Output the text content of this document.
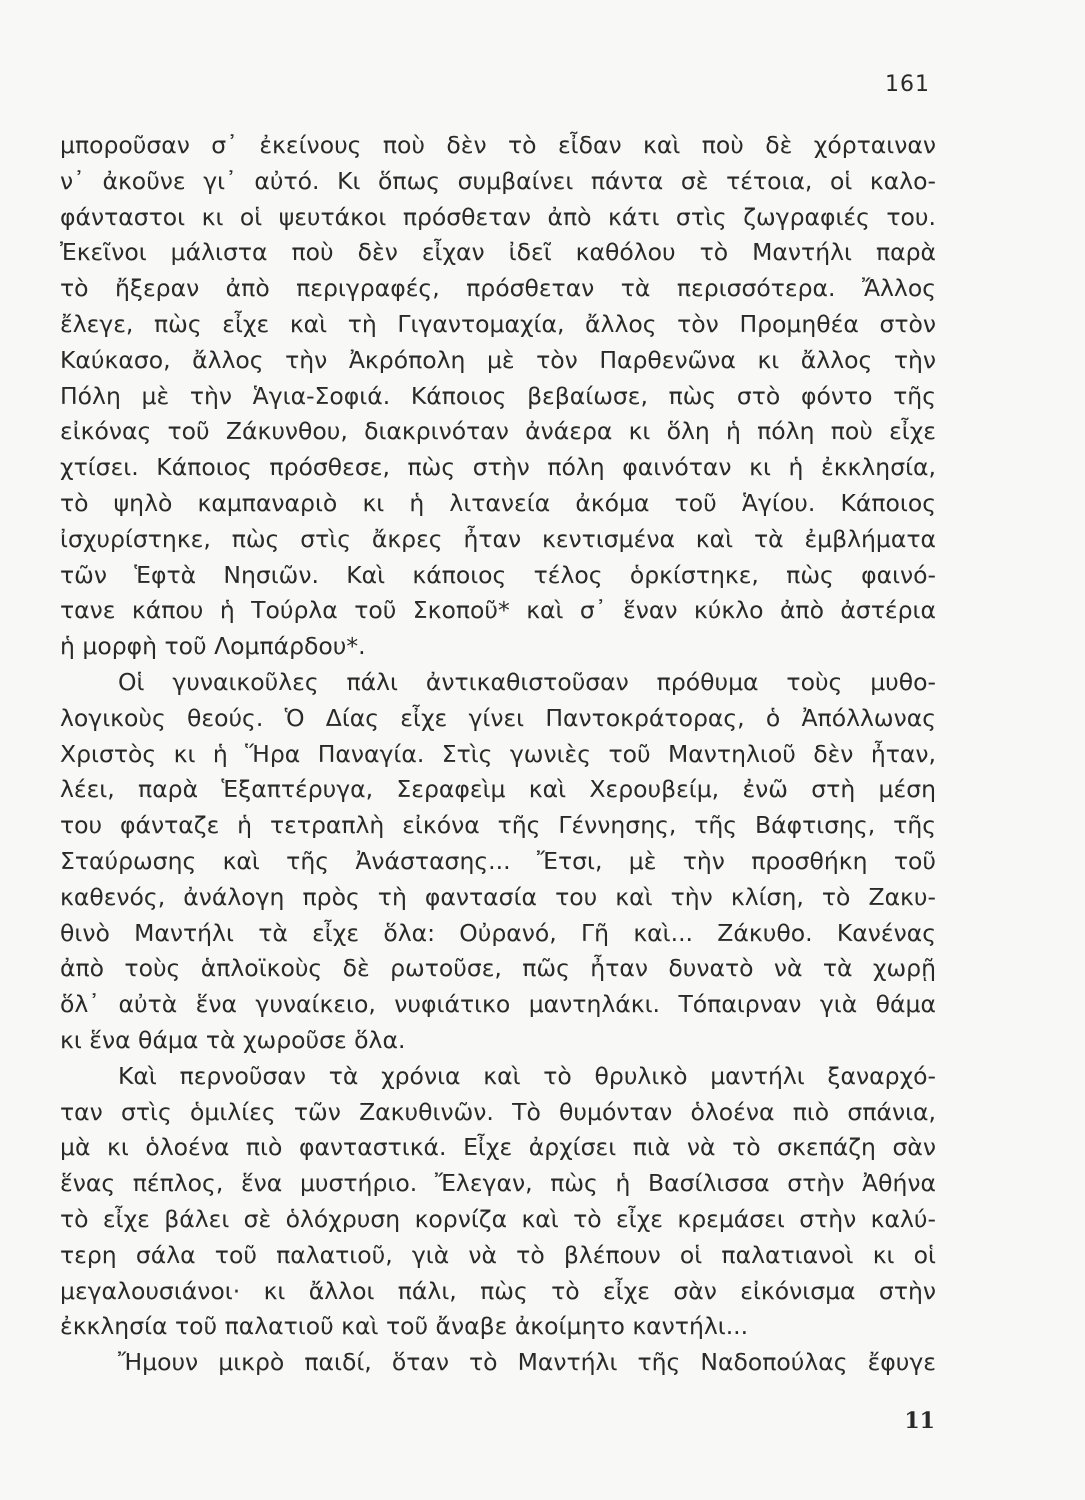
161
μποροῦσαν σ᾽ ἐκείνους ποὺ δὲν τὸ εἶδαν καὶ ποὺ δὲ χόρταιναν
ν᾽ ἀκοῦνε γι᾽ αὐτό. Κι ὅπως συμβαίνει πάντα σὲ τέτοια, οἱ καλο-
φάνταστοι κι οἱ ψευτάκοι πρόσθεταν ἀπὸ κάτι στὶς ζωγραφιές του.
Ἐκεῖνοι μάλιστα ποὺ δὲν εἶχαν ἰδεῖ καθόλου τὸ Μαντήλι παρὰ
τὸ ἤξεραν ἀπὸ περιγραφές, πρόσθεταν τὰ περισσότερα. Ἄλλος
ἔλεγε, πὼς εἶχε καὶ τὴ Γιγαντομαχία, ἄλλος τὸν Προμηθέα στὸν
Καύκασο, ἄλλος τὴν Ἀκρόπολη μὲ τὸν Παρθενῶνα κι ἄλλος τὴν
Πόλη μὲ τὴν Ἁγια-Σοφιά. Κάποιος βεβαίωσε, πὼς στὸ φόντο τῆς
εἰκόνας τοῦ Ζάκυνθου, διακρινόταν ἀνάερα κι ὅλη ἡ πόλη ποὺ εἶχε
χτίσει. Κάποιος πρόσθεσε, πὼς στὴν πόλη φαινόταν κι ἡ ἐκκλησία,
τὸ ψηλὸ καμπαναριὸ κι ἡ λιτανεία ἀκόμα τοῦ Ἁγίου. Κάποιος
ἰσχυρίστηκε, πὼς στὶς ἄκρες ἦταν κεντισμένα καὶ τὰ ἐμβλήματα
τῶν Ἑφτὰ Νησιῶν. Καὶ κάποιος τέλος ὁρκίστηκε, πὼς φαινό-
τανε κάπου ἡ Τούρλα τοῦ Σκοποῦ* καὶ σ᾽ ἕναν κύκλο ἀπὸ ἀστέρια
ἡ μορφὴ τοῦ Λομπάρδου*.
Οἱ γυναικοῦλες πάλι ἀντικαθιστοῦσαν πρόθυμα τοὺς μυθο-
λογικοὺς θεούς. Ὁ Δίας εἶχε γίνει Παντοκράτορας, ὁ Ἀπόλλωνας
Χριστὸς κι ἡ Ἥρα Παναγία. Στὶς γωνιὲς τοῦ Μαντηλιοῦ δὲν ἦταν,
λέει, παρὰ Ἑξαπτέρυγα, Σεραφεὶμ καὶ Χερουβείμ, ἐνῶ στὴ μέση
του φάνταζε ἡ τετραπλὴ εἰκόνα τῆς Γέννησης, τῆς Βάφτισης, τῆς
Σταύρωσης καὶ τῆς Ἀνάστασης... Ἔτσι, μὲ τὴν προσθήκη τοῦ
καθενός, ἀνάλογη πρὸς τὴ φαντασία του καὶ τὴν κλίση, τὸ Ζακυ-
θινὸ Μαντήλι τὰ εἶχε ὅλα: Οὐρανό, Γῆ καὶ... Ζάκυθο. Κανένας
ἀπὸ τοὺς ἁπλοϊκοὺς δὲ ρωτοῦσε, πῶς ἦταν δυνατὸ νὰ τὰ χωρῇ
ὅλ᾽ αὐτὰ ἕνα γυναίκειο, νυφιάτικο μαντηλάκι. Τόπαιρναν γιὰ θάμα
κι ἕνα θάμα τὰ χωροῦσε ὅλα.
Καὶ περνοῦσαν τὰ χρόνια καὶ τὸ θρυλικὸ μαντήλι ξαναρχό-
ταν στὶς ὁμιλίες τῶν Ζακυθινῶν. Τὸ θυμόνταν ὁλοένα πιὸ σπάνια,
μὰ κι ὁλοένα πιὸ φανταστικά. Εἶχε ἀρχίσει πιὰ νὰ τὸ σκεπάζη σὰν
ἕνας πέπλος, ἕνα μυστήριο. Ἔλεγαν, πὼς ἡ Βασίλισσα στὴν Ἀθήνα
τὸ εἶχε βάλει σὲ ὁλόχρυση κορνίζα καὶ τὸ εἶχε κρεμάσει στὴν καλύ-
τερη σάλα τοῦ παλατιοῦ, γιὰ νὰ τὸ βλέπουν οἱ παλατιανοὶ κι οἱ
μεγαλουσιάνοι· κι ἄλλοι πάλι, πὼς τὸ εἶχε σὰν εἰκόνισμα στὴν
ἐκκλησία τοῦ παλατιοῦ καὶ τοῦ ἄναβε ἀκοίμητο καντήλι...
Ἤμουν μικρὸ παιδί, ὅταν τὸ Μαντήλι τῆς Ναδοπούλας ἔφυγε
11
